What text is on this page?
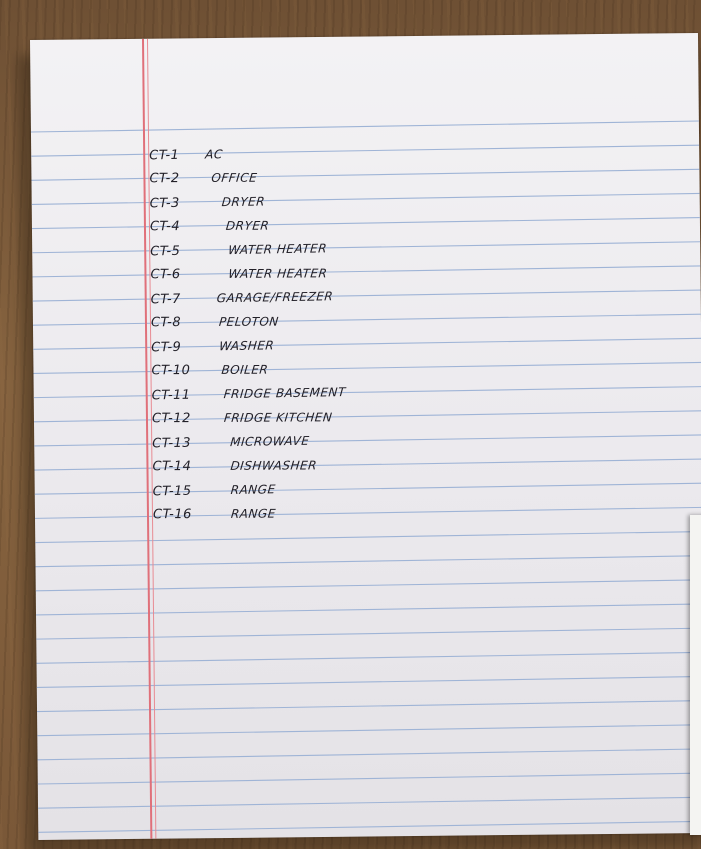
CT-1 AC
CT-2	OFFICE
CT-3	DRYER
CT-4	DRYER
CT-5	WATER HEATER
CT-6	WATER HEATER
CT-7	GARAGE/FREEZER
CT-8	PELOTON
CT-9	WASHER
CT-10	BOILER
CT-11	FRIDGE BASEMENT
CT-12	FRIDGE KITCHEN
CT-13	MICROWAVE
CT-14	DISHWASHER
CT-15	RANGE
CT-16	RANGE
